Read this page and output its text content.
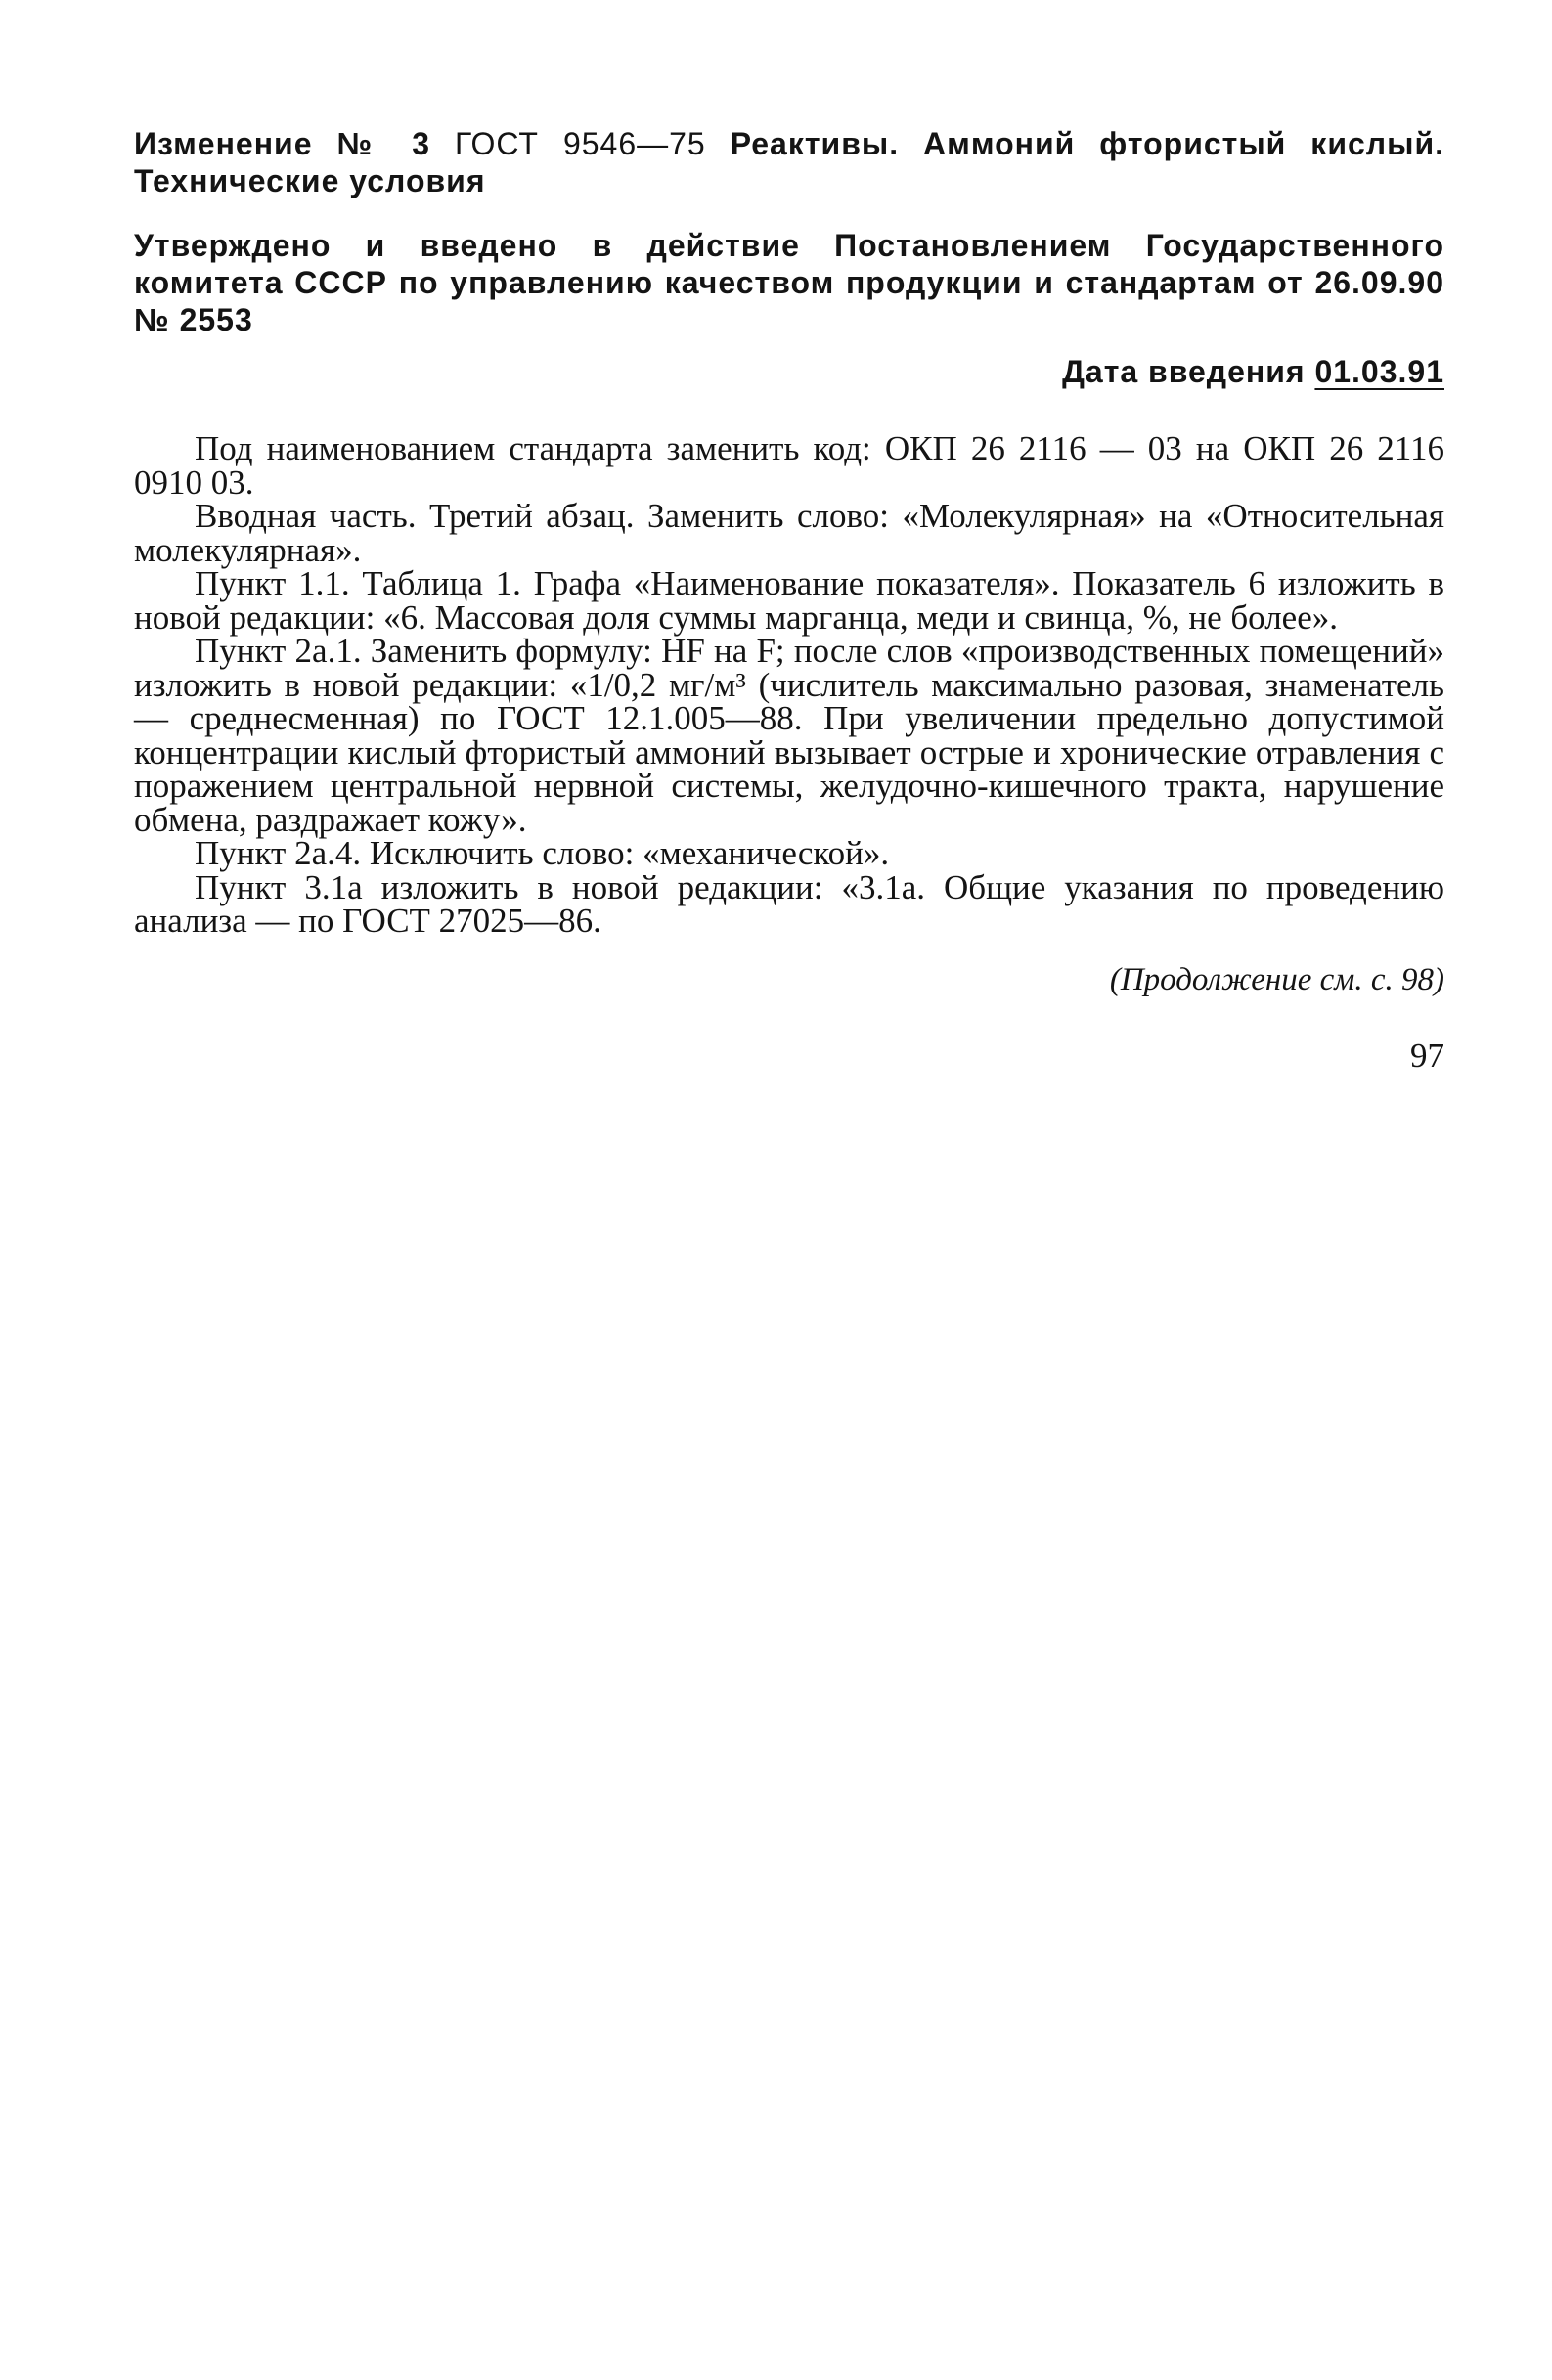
Изменение № 3 ГОСТ 9546—75 Реактивы. Аммоний фтористый кислый. Технические условия
Утверждено и введено в действие Постановлением Государственного комитета СССР по управлению качеством продукции и стандартам от 26.09.90 № 2553
Дата введения 01.03.91

Под наименованием стандарта заменить код: ОКП 26 2116 — 03 на ОКП 26 2116 0910 03.

Вводная часть. Третий абзац. Заменить слово: «Молекулярная» на «Относительная молекулярная».

Пункт 1.1. Таблица 1. Графа «Наименование показателя». Показатель 6 изложить в новой редакции: «6. Массовая доля суммы марганца, меди и свинца, %, не более».

Пункт 2а.1. Заменить формулу: HF на F; после слов «производственных помещений» изложить в новой редакции: «1/0,2 мг/м³ (числитель максимально разовая, знаменатель — среднесменная) по ГОСТ 12.1.005—88. При увеличении предельно допустимой концентрации кислый фтористый аммоний вызывает острые и хронические отравления с поражением центральной нервной системы, желудочно-кишечного тракта, нарушение обмена, раздражает кожу».

Пункт 2а.4. Исключить слово: «механической».

Пункт 3.1а изложить в новой редакции: «3.1а. Общие указания по проведению анализа — по ГОСТ 27025—86.

(Продолжение см. с. 98)
97
